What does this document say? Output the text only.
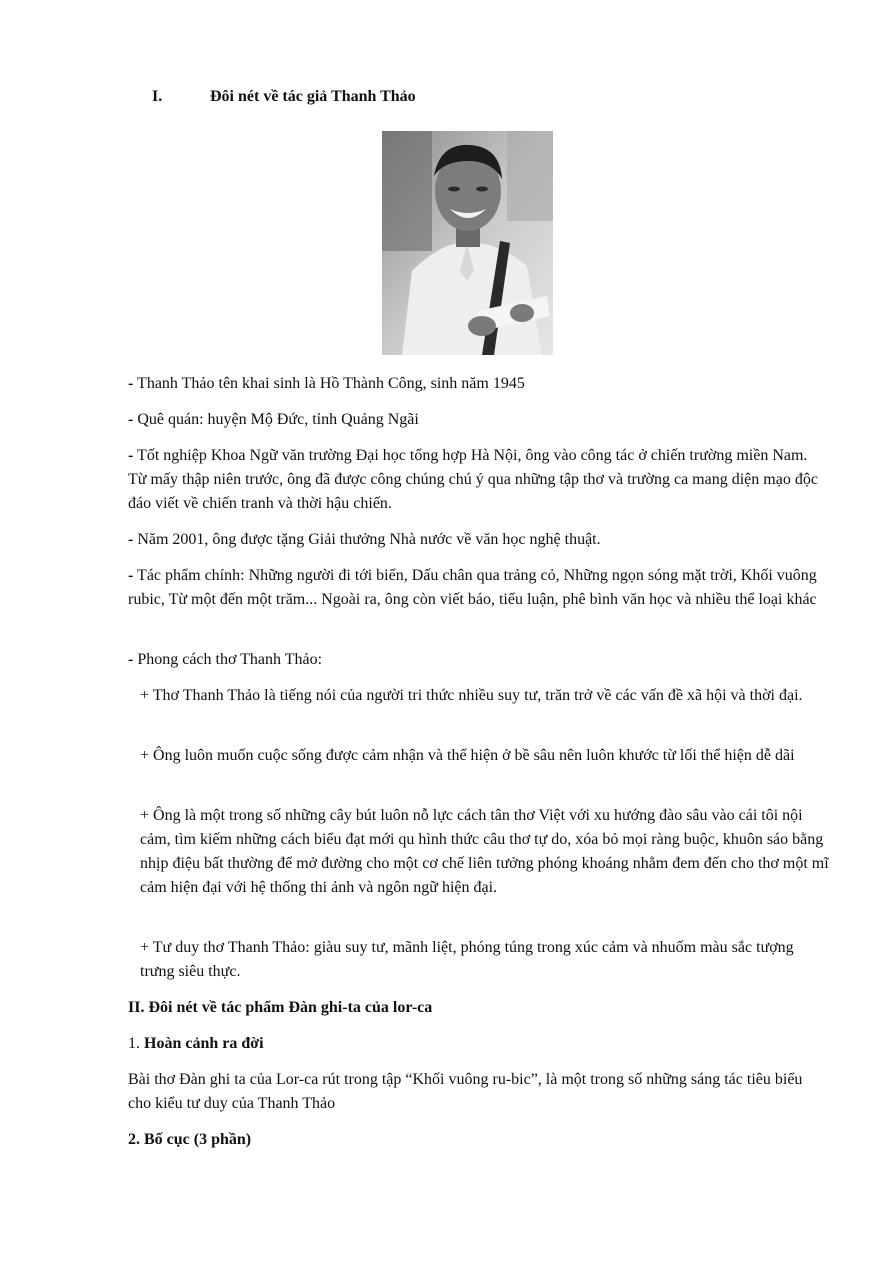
I.	Đôi nét về tác giả Thanh Thảo

- Thanh Thảo tên khai sinh là Hồ Thành Công, sinh năm 1945

- Quê quán: huyện Mộ Đức, tỉnh Quảng Ngãi

- Tốt nghiệp Khoa Ngữ văn trường Đại học tổng hợp Hà Nội, ông vào công tác ở chiến trường miền Nam. Từ mấy thập niên trước, ông đã được công chúng chú ý qua những tập thơ và trường ca mang diện mạo độc đáo viết về chiến tranh và thời hậu chiến.

- Năm 2001, ông được tặng Giải thưởng Nhà nước về văn học nghệ thuật.

- Tác phẩm chính: Những người đi tới biển, Dấu chân qua trảng cỏ, Những ngọn sóng mặt trời, Khối vuông rubic, Từ một đến một trăm... Ngoài ra, ông còn viết báo, tiểu luận, phê bình văn học và nhiều thể loại khác

- Phong cách thơ Thanh Thảo:

+ Thơ Thanh Thảo là tiếng nói của người tri thức nhiều suy tư, trăn trở về các vấn đề xã hội và thời đại.

+ Ông luôn muốn cuộc sống được cảm nhận và thể hiện ở bề sâu nên luôn khước từ lối thể hiện dễ dãi

+ Ông là một trong số những cây bút luôn nỗ lực cách tân thơ Việt với xu hướng đào sâu vào cái tôi nội cảm, tìm kiếm những cách biểu đạt mới qu hình thức câu thơ tự do, xóa bỏ mọi ràng buộc, khuôn sáo bằng nhịp điệu bất thường để mở đường cho một cơ chế liên tưởng phóng khoáng nhằm đem đến cho thơ một mĩ cảm hiện đại với hệ thống thi ảnh và ngôn ngữ hiện đại.

+ Tư duy thơ Thanh Thảo: giàu suy tư, mãnh liệt, phóng túng trong xúc cảm và nhuốm màu sắc tượng trưng siêu thực.

II. Đôi nét về tác phẩm Đàn ghi-ta của lor-ca

1. Hoàn cảnh ra đời

Bài thơ Đàn ghi ta của Lor-ca rút trong tập “Khối vuông ru-bic”, là một trong số những sáng tác tiêu biểu cho kiểu tư duy của Thanh Thảo

2. Bố cục (3 phần)
